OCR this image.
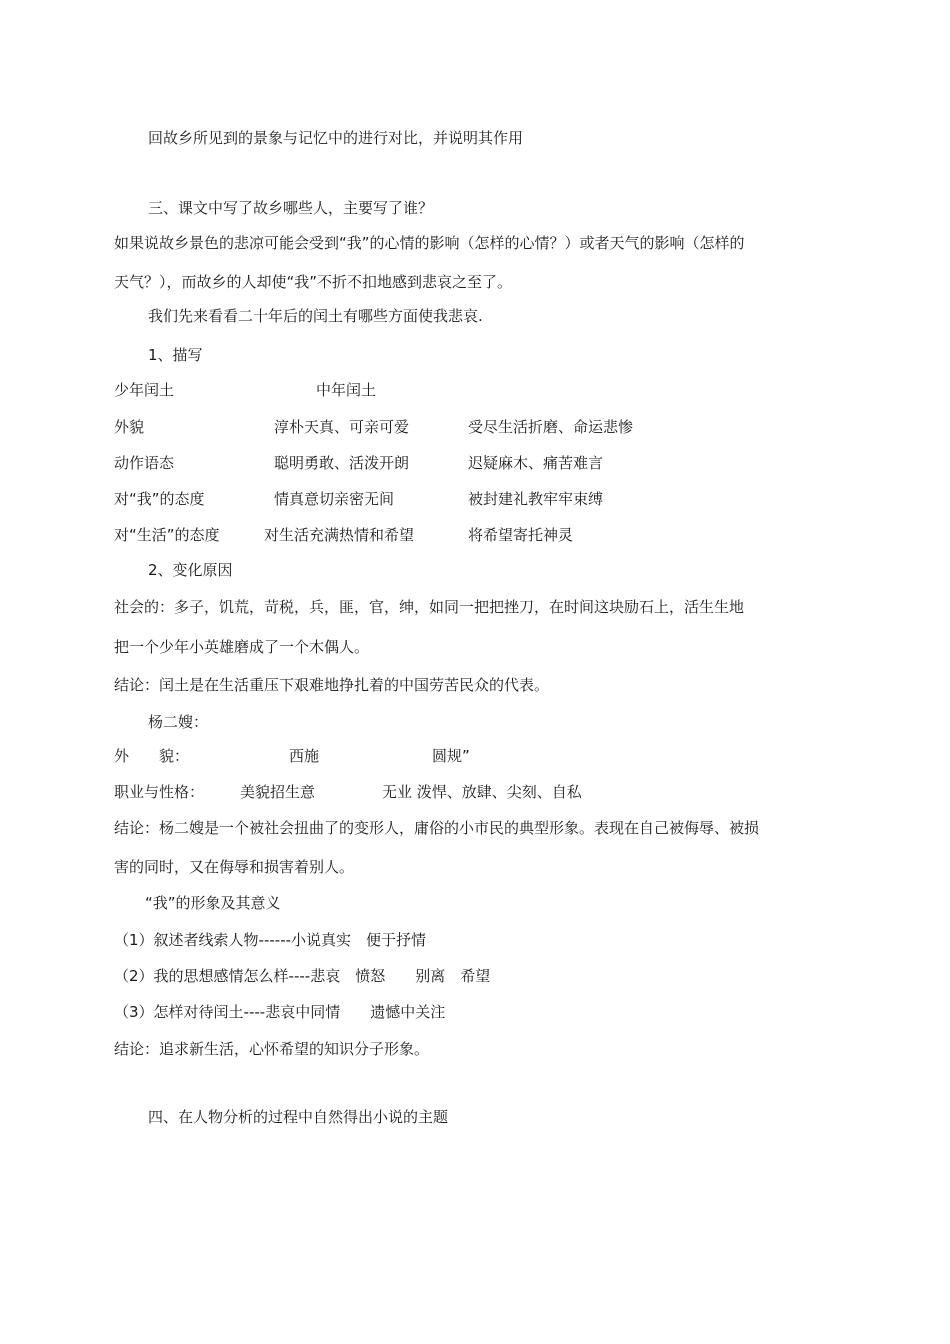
回故乡所见到的景象与记忆中的进行对比，并说明其作用
三、课文中写了故乡哪些人，主要写了谁？
如果说故乡景色的悲凉可能会受到“我”的心情的影响（怎样的心情？）或者天气的影响（怎样的
天气？），而故乡的人却使“我”不折不扣地感到悲哀之至了。
我们先来看看二十年后的闰土有哪些方面使我悲哀.
1、描写
少年闰土	中年闰土
外貌	淳朴天真、可亲可爱	受尽生活折磨、命运悲惨
动作语态	聪明勇敢、活泼开朗	迟疑麻木、痛苦难言
对“我”的态度	情真意切亲密无间	被封建礼教牢牢束缚
对“生活”的态度	对生活充满热情和希望	将希望寄托神灵
2、变化原因
社会的：多子，饥荒，苛税，兵，匪，官，绅，如同一把把挫刀，在时间这块励石上，活生生地
把一个少年小英雄磨成了一个木偶人。
结论：闰土是在生活重压下艰难地挣扎着的中国劳苦民众的代表。
杨二嫂：
外　　貌：	西施	圆规”
职业与性格： 美貌招生意	无业 泼悍、放肆、尖刻、自私
结论：杨二嫂是一个被社会扭曲了的变形人，庸俗的小市民的典型形象。表现在自己被侮辱、被损
害的同时，又在侮辱和损害着别人。
“我”的形象及其意义
（1）叙述者线索人物------小说真实　便于抒情
（2）我的思想感情怎么样----悲哀　愤怒　　别离　希望
（3）怎样对待闰土----悲哀中同情　　遗憾中关注
结论：追求新生活，心怀希望的知识分子形象。
四、在人物分析的过程中自然得出小说的主题
